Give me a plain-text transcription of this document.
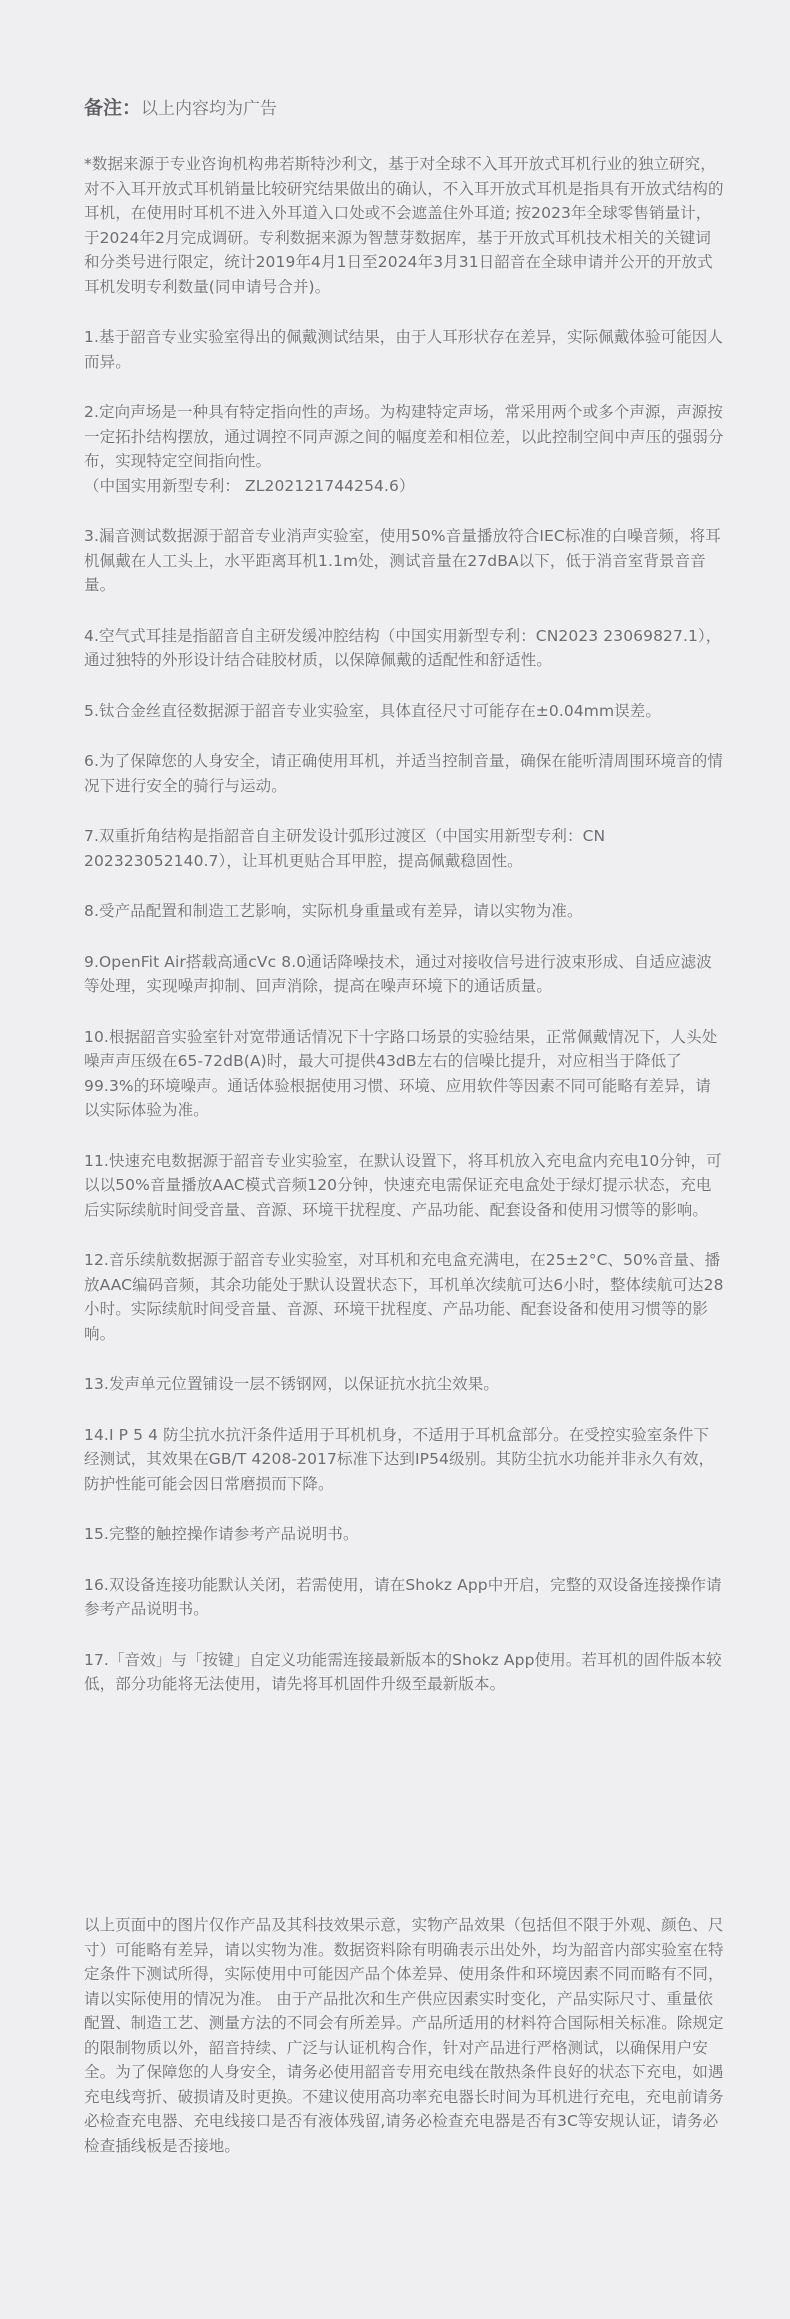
备注：以上内容均为广告

*数据来源于专业咨询机构弗若斯特沙利文，基于对全球不入耳开放式耳机行业的独立研究，对不入耳开放式耳机销量比较研究结果做出的确认，不入耳开放式耳机是指具有开放式结构的耳机，在使用时耳机不进入外耳道入口处或不会遮盖住外耳道; 按2023年全球零售销量计，于2024年2月完成调研。专利数据来源为智慧芽数据库，基于开放式耳机技术相关的关键词和分类号进行限定，统计2019年4月1日至2024年3月31日韶音在全球申请并公开的开放式耳机发明专利数量(同申请号合并)。

1.基于韶音专业实验室得出的佩戴测试结果，由于人耳形状存在差异，实际佩戴体验可能因人而异。

2.定向声场是一种具有特定指向性的声场。为构建特定声场，常采用两个或多个声源，声源按一定拓扑结构摆放，通过调控不同声源之间的幅度差和相位差，以此控制空间中声压的强弱分布，实现特定空间指向性。
（中国实用新型专利： ZL202121744254.6）

3.漏音测试数据源于韶音专业消声实验室，使用50%音量播放符合IEC标准的白噪音频，将耳机佩戴在人工头上，水平距离耳机1.1m处，测试音量在27dBA以下，低于消音室背景音音量。

4.空气式耳挂是指韶音自主研发缓冲腔结构（中国实用新型专利：CN2023 23069827.1），通过独特的外形设计结合硅胶材质，以保障佩戴的适配性和舒适性。

5.钛合金丝直径数据源于韶音专业实验室，具体直径尺寸可能存在±0.04mm误差。

6.为了保障您的人身安全，请正确使用耳机，并适当控制音量，确保在能听清周围环境音的情况下进行安全的骑行与运动。

7.双重折角结构是指韶音自主研发设计弧形过渡区（中国实用新型专利：CN 202323052140.7），让耳机更贴合耳甲腔，提高佩戴稳固性。

8.受产品配置和制造工艺影响，实际机身重量或有差异，请以实物为准。

9.OpenFit Air搭载高通cVc 8.0通话降噪技术，通过对接收信号进行波束形成、自适应滤波等处理，实现噪声抑制、回声消除，提高在噪声环境下的通话质量。

10.根据韶音实验室针对宽带通话情况下十字路口场景的实验结果，正常佩戴情况下，人头处噪声声压级在65-72dB(A)时，最大可提供43dB左右的信噪比提升，对应相当于降低了99.3%的环境噪声。通话体验根据使用习惯、环境、应用软件等因素不同可能略有差异，请以实际体验为准。

11.快速充电数据源于韶音专业实验室，在默认设置下，将耳机放入充电盒内充电10分钟，可以以50%音量播放AAC模式音频120分钟，快速充电需保证充电盒处于绿灯提示状态，充电后实际续航时间受音量、音源、环境干扰程度、产品功能、配套设备和使用习惯等的影响。

12.音乐续航数据源于韶音专业实验室，对耳机和充电盒充满电，在25±2°C、50%音量、播放AAC编码音频，其余功能处于默认设置状态下，耳机单次续航可达6小时，整体续航可达28小时。实际续航时间受音量、音源、环境干扰程度、产品功能、配套设备和使用习惯等的影响。

13.发声单元位置铺设一层不锈钢网，以保证抗水抗尘效果。

14.I P 5 4 防尘抗水抗汗条件适用于耳机机身，不适用于耳机盒部分。在受控实验室条件下经测试，其效果在GB/T 4208-2017标准下达到IP54级别。其防尘抗水功能并非永久有效，防护性能可能会因日常磨损而下降。

15.完整的触控操作请参考产品说明书。

16.双设备连接功能默认关闭，若需使用，请在Shokz App中开启，完整的双设备连接操作请参考产品说明书。

17.「音效」与「按键」自定义功能需连接最新版本的Shokz App使用。若耳机的固件版本较低，部分功能将无法使用，请先将耳机固件升级至最新版本。

以上页面中的图片仅作产品及其科技效果示意，实物产品效果（包括但不限于外观、颜色、尺寸）可能略有差异，请以实物为准。数据资料除有明确表示出处外，均为韶音内部实验室在特定条件下测试所得，实际使用中可能因产品个体差异、使用条件和环境因素不同而略有不同，请以实际使用的情况为准。 由于产品批次和生产供应因素实时变化，产品实际尺寸、重量依配置、制造工艺、测量方法的不同会有所差异。产品所适用的材料符合国际相关标准。除规定的限制物质以外，韶音持续、广泛与认证机构合作，针对产品进行严格测试，以确保用户安全。为了保障您的人身安全，请务必使用韶音专用充电线在散热条件良好的状态下充电，如遇充电线弯折、破损请及时更换。不建议使用高功率充电器长时间为耳机进行充电，充电前请务必检查充电器、充电线接口是否有液体残留,请务必检查充电器是否有3C等安规认证，请务必检查插线板是否接地。
